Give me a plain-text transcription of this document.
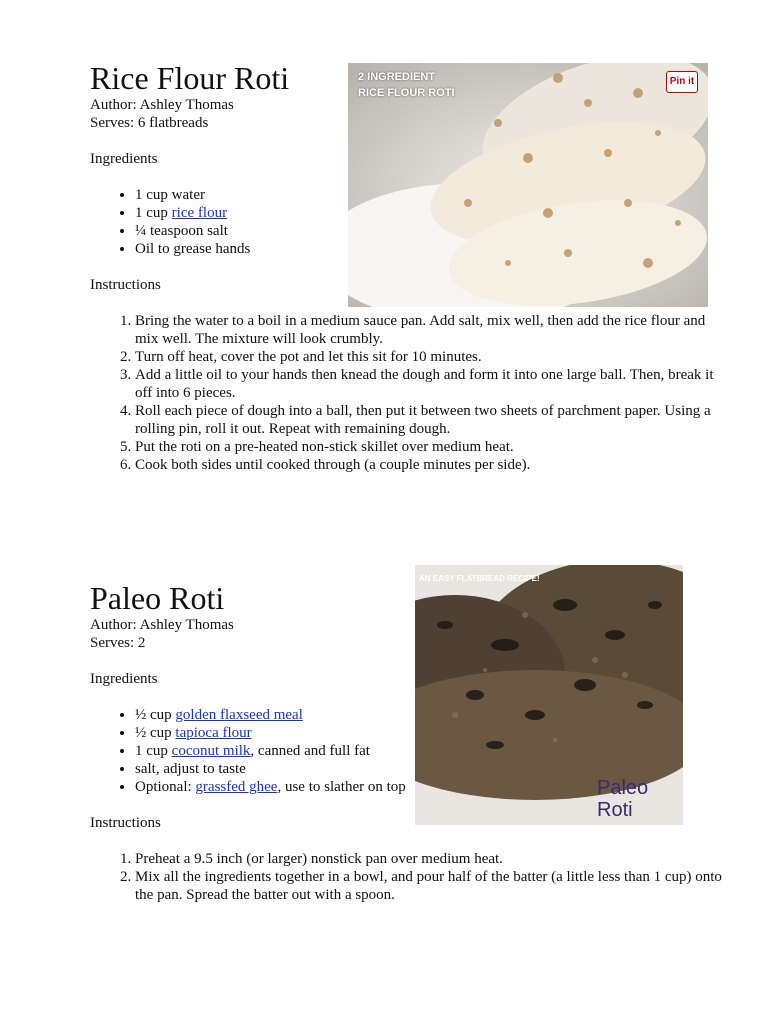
Rice Flour Roti

Author: Ashley Thomas

Serves: 6 flatbreads

Ingredients

• 1 cup water
• 1 cup rice flour
• ¼ teaspoon salt
• Oil to grease hands

Instructions

1. Bring the water to a boil in a medium sauce pan. Add salt, mix well, then add the rice flour and mix well. The mixture will look crumbly.
2. Turn off heat, cover the pot and let this sit for 10 minutes.
3. Add a little oil to your hands then knead the dough and form it into one large ball. Then, break it off into 6 pieces.
4. Roll each piece of dough into a ball, then put it between two sheets of parchment paper. Using a rolling pin, roll it out. Repeat with remaining dough.
5. Put the roti on a pre-heated non-stick skillet over medium heat.
6. Cook both sides until cooked through (a couple minutes per side).
2 INGREDIENT
RICE FLOUR ROTI
Pin it
Paleo Roti

Author: Ashley Thomas

Serves: 2

Ingredients

• ½ cup golden flaxseed meal
• ½ cup tapioca flour
• 1 cup coconut milk, canned and full fat
• salt, adjust to taste
• Optional: grassfed ghee, use to slather on top

Instructions

1. Preheat a 9.5 inch (or larger) nonstick pan over medium heat.
2. Mix all the ingredients together in a bowl, and pour half of the batter (a little less than 1 cup) onto the pan. Spread the batter out with a spoon.
AN EASY FLATBREAD RECIPE!
Paleo Roti
